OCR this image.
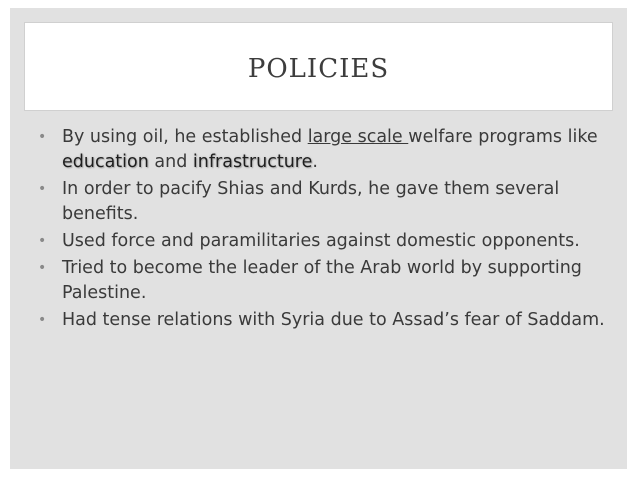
POLICIES
• By using oil, he established large scale welfare programs like education and infrastructure.
• In order to pacify Shias and Kurds, he gave them several benefits.
• Used force and paramilitaries against domestic opponents.
• Tried to become the leader of the Arab world by supporting Palestine.
• Had tense relations with Syria due to Assad’s fear of Saddam.
